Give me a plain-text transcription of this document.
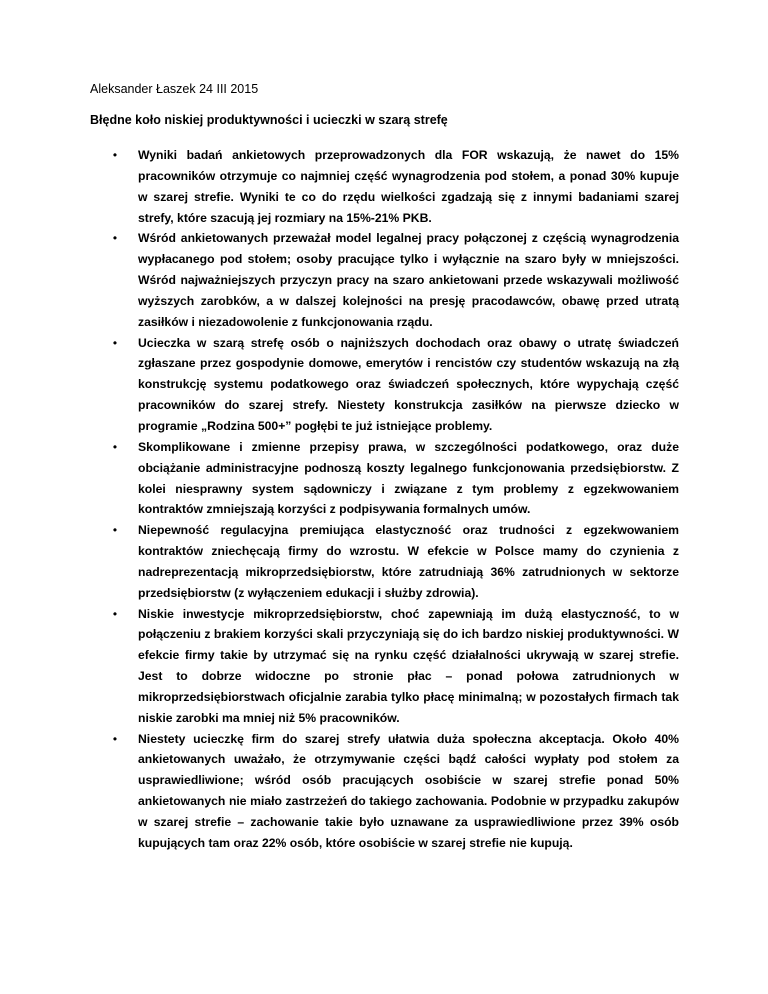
Aleksander Łaszek 24 III 2015
Błędne koło niskiej produktywności i ucieczki w szarą strefę
• Wyniki badań ankietowych przeprowadzonych dla FOR wskazują, że nawet do 15% pracowników otrzymuje co najmniej część wynagrodzenia pod stołem, a ponad 30% kupuje w szarej strefie. Wyniki te co do rzędu wielkości zgadzają się z innymi badaniami szarej strefy, które szacują jej rozmiary na 15%-21% PKB.
• Wśród ankietowanych przeważał model legalnej pracy połączonej z częścią wynagrodzenia wypłacanego pod stołem; osoby pracujące tylko i wyłącznie na szaro były w mniejszości. Wśród najważniejszych przyczyn pracy na szaro ankietowani przede wskazywali możliwość wyższych zarobków, a w dalszej kolejności na presję pracodawców, obawę przed utratą zasiłków i niezadowolenie z funkcjonowania rządu.
• Ucieczka w szarą strefę osób o najniższych dochodach oraz obawy o utratę świadczeń zgłaszane przez gospodynie domowe, emerytów i rencistów czy studentów wskazują na złą konstrukcję systemu podatkowego oraz świadczeń społecznych, które wypychają część pracowników do szarej strefy. Niestety konstrukcja zasiłków na pierwsze dziecko w programie „Rodzina 500+” pogłębi te już istniejące problemy.
• Skomplikowane i zmienne przepisy prawa, w szczególności podatkowego, oraz duże obciążanie administracyjne podnoszą koszty legalnego funkcjonowania przedsiębiorstw. Z kolei niesprawny system sądowniczy i związane z tym problemy z egzekwowaniem kontraktów zmniejszają korzyści z podpisywania formalnych umów.
• Niepewność regulacyjna premiująca elastyczność oraz trudności z egzekwowaniem kontraktów zniechęcają firmy do wzrostu. W efekcie w Polsce mamy do czynienia z nadreprezentacją mikroprzedsiębiorstw, które zatrudniają 36% zatrudnionych w sektorze przedsiębiorstw (z wyłączeniem edukacji i służby zdrowia).
• Niskie inwestycje mikroprzedsiębiorstw, choć zapewniają im dużą elastyczność, to w połączeniu z brakiem korzyści skali przyczyniają się do ich bardzo niskiej produktywności. W efekcie firmy takie by utrzymać się na rynku część działalności ukrywają w szarej strefie. Jest to dobrze widoczne po stronie płac – ponad połowa zatrudnionych w mikroprzedsiębiorstwach oficjalnie zarabia tylko płacę minimalną; w pozostałych firmach tak niskie zarobki ma mniej niż 5% pracowników.
• Niestety ucieczkę firm do szarej strefy ułatwia duża społeczna akceptacja. Około 40% ankietowanych uważało, że otrzymywanie części bądź całości wypłaty pod stołem za usprawiedliwione; wśród osób pracujących osobiście w szarej strefie ponad 50% ankietowanych nie miało zastrzeżeń do takiego zachowania. Podobnie w przypadku zakupów w szarej strefie – zachowanie takie było uznawane za usprawiedliwione przez 39% osób kupujących tam oraz 22% osób, które osobiście w szarej strefie nie kupują.
